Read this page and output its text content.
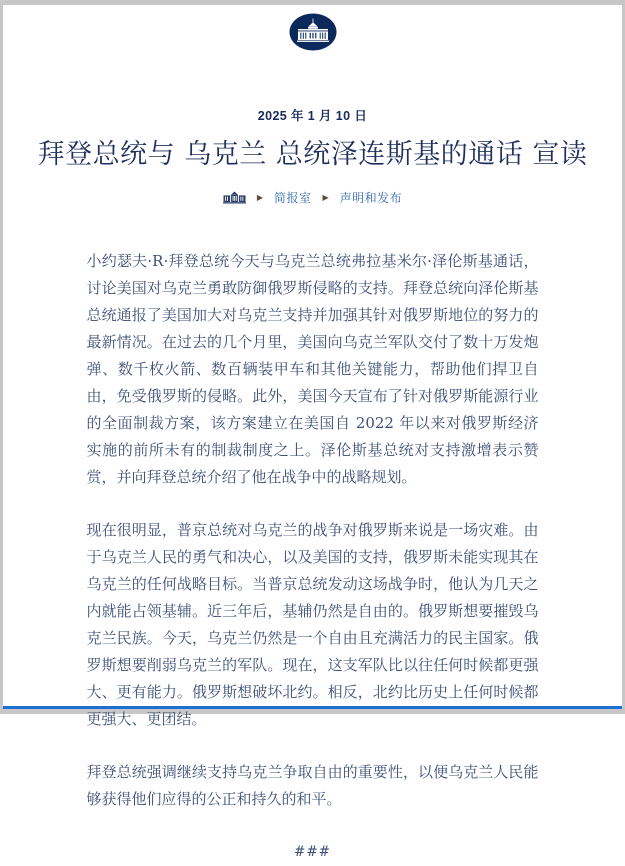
2025 年 1 月 10 日
拜登总统与 乌克兰 总统泽连斯基的通话 宣读
▶ 简报室 ▶ 声明和发布

小约瑟夫·R·拜登总统今天与乌克兰总统弗拉基米尔·泽伦斯基通话，讨论美国对乌克兰勇敢防御俄罗斯侵略的支持。拜登总统向泽伦斯基总统通报了美国加大对乌克兰支持并加强其针对俄罗斯地位的努力的最新情况。在过去的几个月里，美国向乌克兰军队交付了数十万发炮弹、数千枚火箭、数百辆装甲车和其他关键能力，帮助他们捍卫自由，免受俄罗斯的侵略。此外，美国今天宣布了针对俄罗斯能源行业的全面制裁方案，该方案建立在美国自 2022 年以来对俄罗斯经济实施的前所未有的制裁制度之上。泽伦斯基总统对支持激增表示赞赏，并向拜登总统介绍了他在战争中的战略规划。

现在很明显，普京总统对乌克兰的战争对俄罗斯来说是一场灾难。由于乌克兰人民的勇气和决心，以及美国的支持，俄罗斯未能实现其在乌克兰的任何战略目标。当普京总统发动这场战争时，他认为几天之内就能占领基辅。近三年后，基辅仍然是自由的。俄罗斯想要摧毁乌克兰民族。今天，乌克兰仍然是一个自由且充满活力的民主国家。俄罗斯想要削弱乌克兰的军队。现在，这支军队比以往任何时候都更强大、更有能力。俄罗斯想破坏北约。相反，北约比历史上任何时候都更强大、更团结。

拜登总统强调继续支持乌克兰争取自由的重要性，以便乌克兰人民能够获得他们应得的公正和持久的和平。

###
